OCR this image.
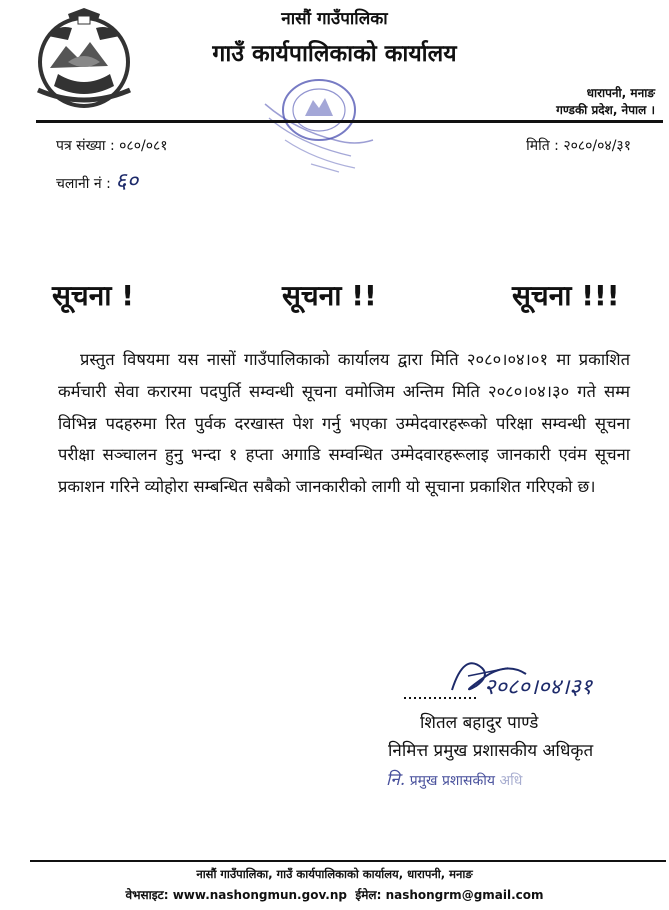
नासौं गाउँपालिका
गाउँ कार्यपालिकाको कार्यालय
धारापनी, मनाङ
गण्डकी प्रदेश, नेपाल ।
पत्र संख्या : ०८०/०८१
चलानी नं : ६०
मिति : २०८०/०४/३१
सूचना !	सूचना !!	सूचना !!!
प्रस्तुत विषयमा यस नासों गाउँपालिकाको कार्यालय द्वारा मिति २०८०।०४।०१ मा प्रकाशित कर्मचारी सेवा करारमा पदपुर्ति सम्वन्धी सूचना वमोजिम अन्तिम मिति २०८०।०४।३० गते सम्म विभिन्न पदहरुमा रित पुर्वक दरखास्त पेश गर्नु भएका उम्मेदवारहरूको परिक्षा सम्वन्धी सूचना परीक्षा सञ्चालन हुनु भन्दा १ हप्ता अगाडि सम्वन्धित उम्मेदवारहरूलाइ जानकारी एवंम सूचना प्रकाशन गरिने व्योहोरा सम्बन्धित सबैको जानकारीको लागी यो सूचाना प्रकाशित गरिएको छ।
२०८०।०४।३१
शितल बहादुर पाण्डे
निमित्त प्रमुख प्रशासकीय अधिकृत
नि. प्रमुख प्रशासकीय अधि
नासौं गाउँपालिका, गाउँ कार्यपालिकाको कार्यालय, धारापनी, मनाङ
वेभसाइट: www.nashongmun.gov.np ईमेल: nashongrm@gmail.com
